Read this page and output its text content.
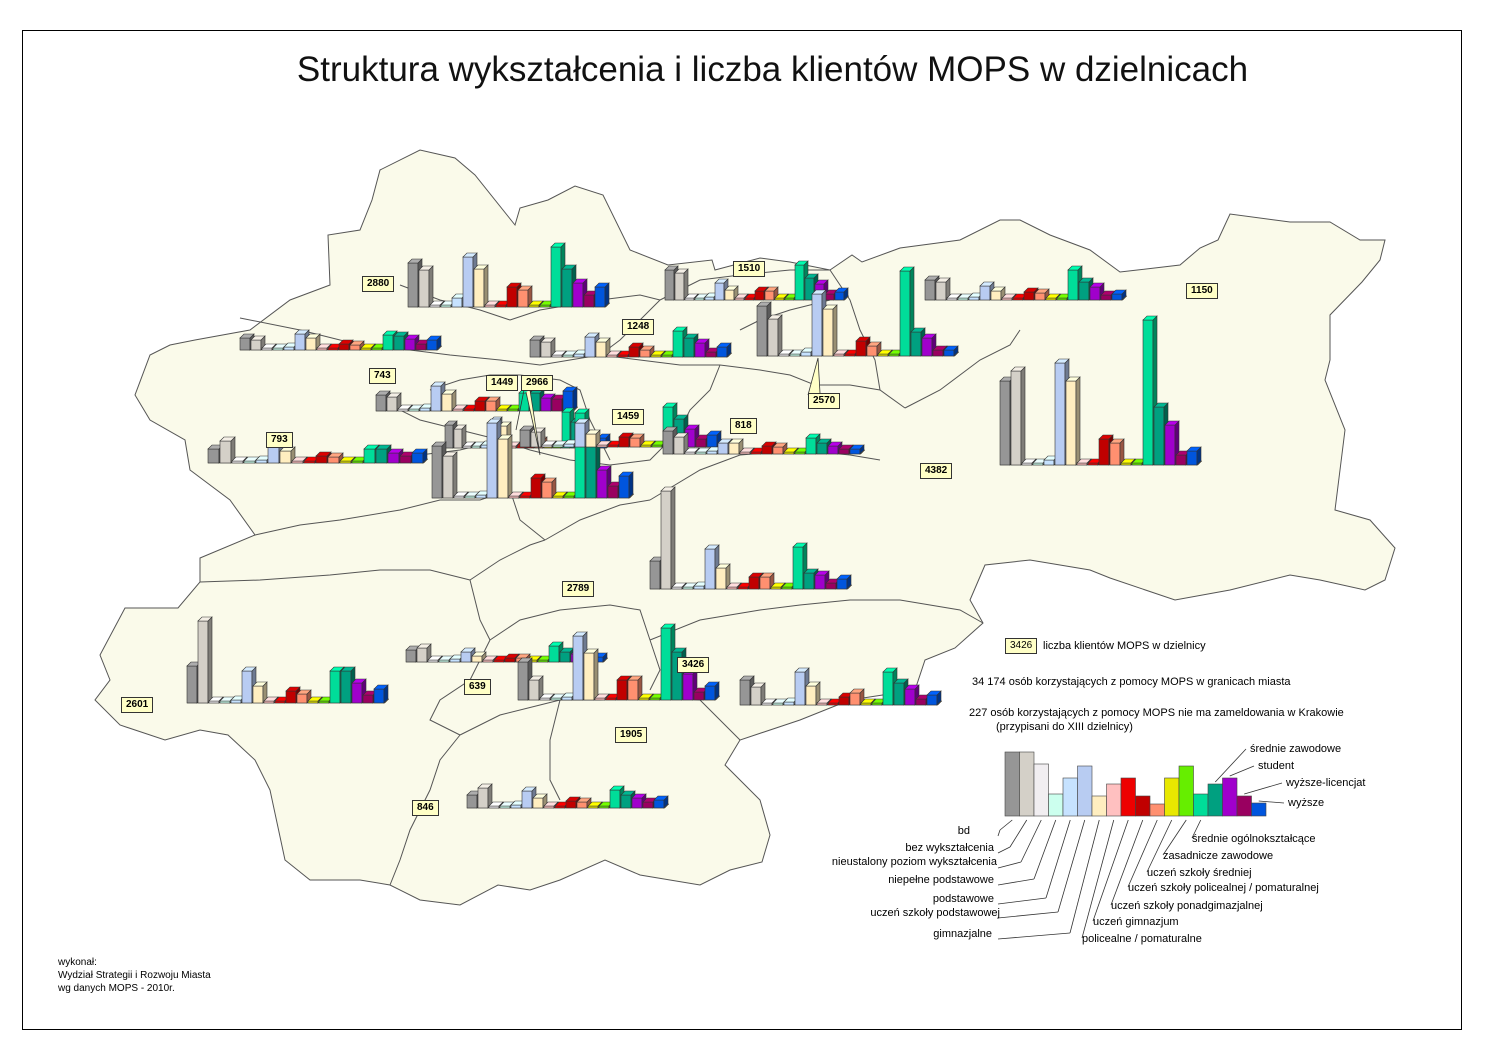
Struktura wykształcenia i liczba klientów MOPS w dzielnicach
2880
1510
1150
1248
2570
743
1449	2966
1459
818
4382
793
2789
2601
639
3426
1905
846
3426 liczba klientów MOPS w dzielnicy
34 174 osób korzystających z pomocy MOPS w granicach miasta
227 osób korzystających z pomocy MOPS nie ma zameldowania w Krakowie
(przypisani do XIII dzielnicy)
bd
bez wykształcenia
nieustalony poziom wykształcenia
niepełne podstawowe
podstawowe
uczeń szkoły podstawowej
gimnazjalne	policealne / pomaturalne
uczeń gimnazjum
uczeń szkoły ponadgimazjalnej
uczeń szkoły policealnej / pomaturalnej
uczeń szkoły średniej
zasadnicze zawodowe
średnie ogólnokształcące
średnie zawodowe
student
wyższe-licencjat
wyższe
wykonał:
Wydział Strategii i Rozwoju Miasta
wg danych MOPS - 2010r.
